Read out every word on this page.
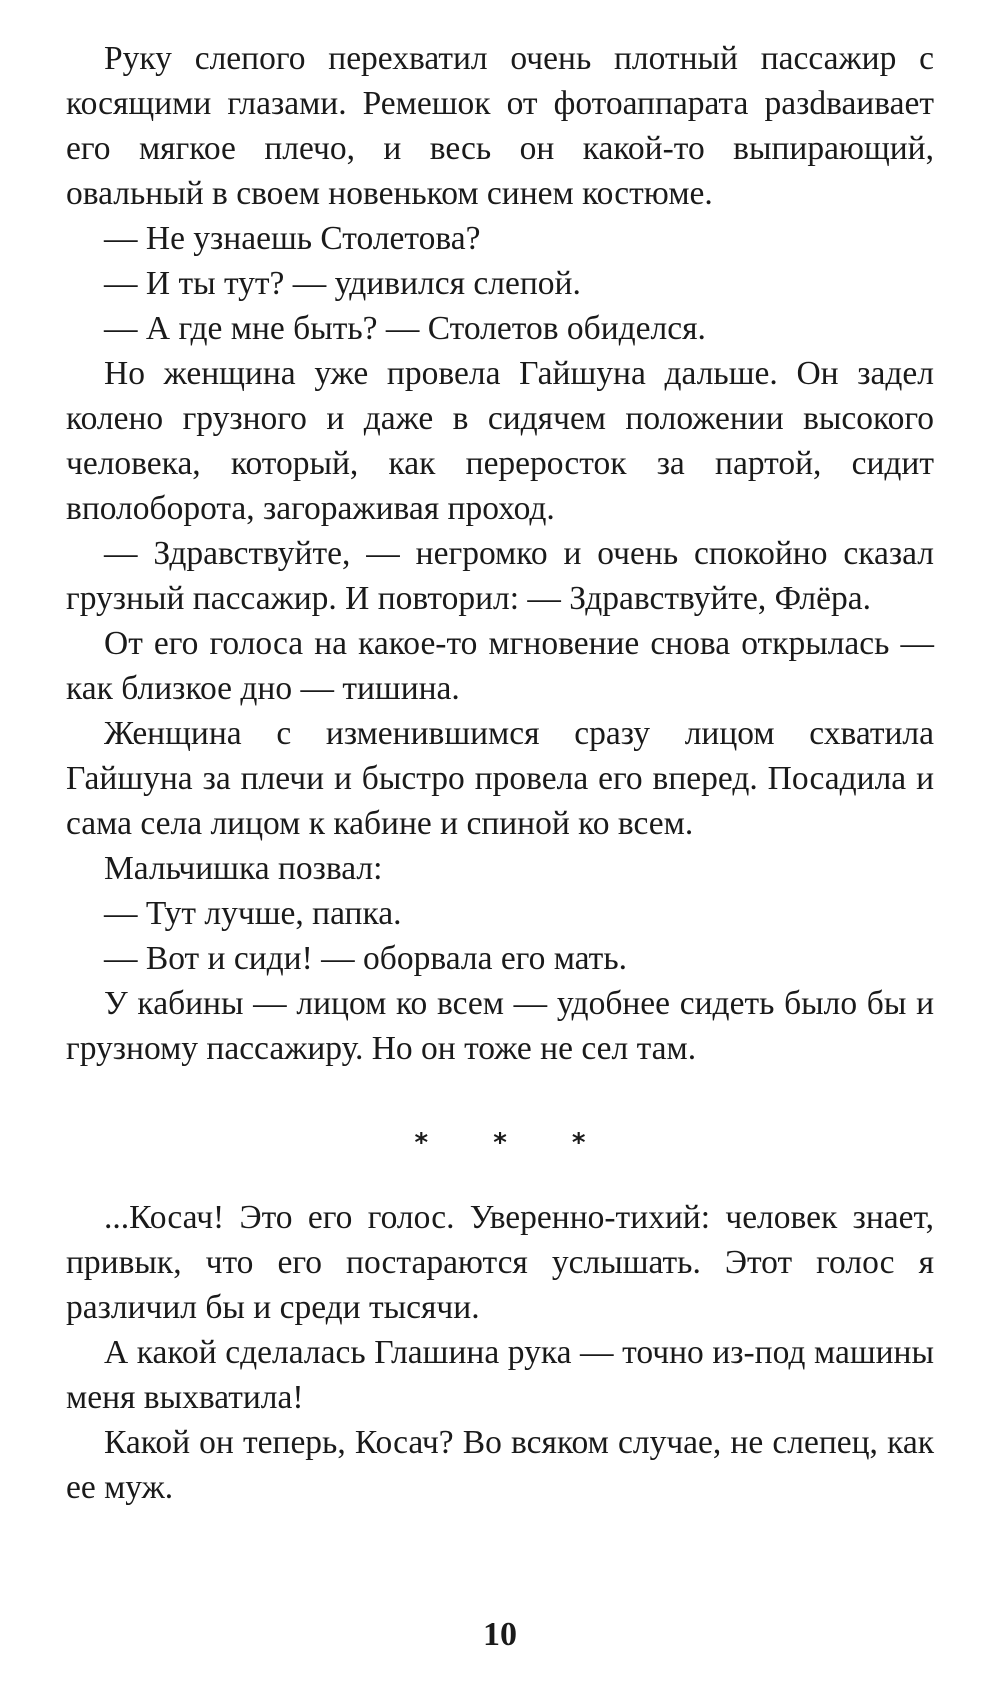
Руку слепого перехватил очень плотный пассажир с косящими глазами. Ремешок от фотоаппарата разdваивает его мягкое плечо, и весь он какой-то выпирающий, овальный в своем новеньком синем костюме.

— Не узнаешь Столетова?

— И ты тут? — удивился слепой.

— А где мне быть? — Столетов обиделся.

Но женщина уже провела Гайшуна дальше. Он задел колено грузного и даже в сидячем положении высокого человека, который, как переросток за партой, сидит вполоборота, загораживая проход.

— Здравствуйте, — негромко и очень спокойно сказал грузный пассажир. И повторил: — Здравствуйте, Флёра.

От его голоса на какое-то мгновение снова открылась — как близкое дно — тишина.

Женщина с изменившимся сразу лицом схватила Гайшуна за плечи и быстро провела его вперед. Посадила и сама села лицом к кабине и спиной ко всем.

Мальчишка позвал:

— Тут лучше, папка.

— Вот и сиди! — оборвала его мать.

У кабины — лицом ко всем — удобнее сидеть было бы и грузному пассажиру. Но он тоже не сел там.

* * *

...Косач! Это его голос. Уверенно-тихий: человек знает, привык, что его постараются услышать. Этот голос я различил бы и среди тысячи.

А какой сделалась Глашина рука — точно из-под машины меня выхватила!

Какой он теперь, Косач? Во всяком случае, не слепец, как ее муж.

10
